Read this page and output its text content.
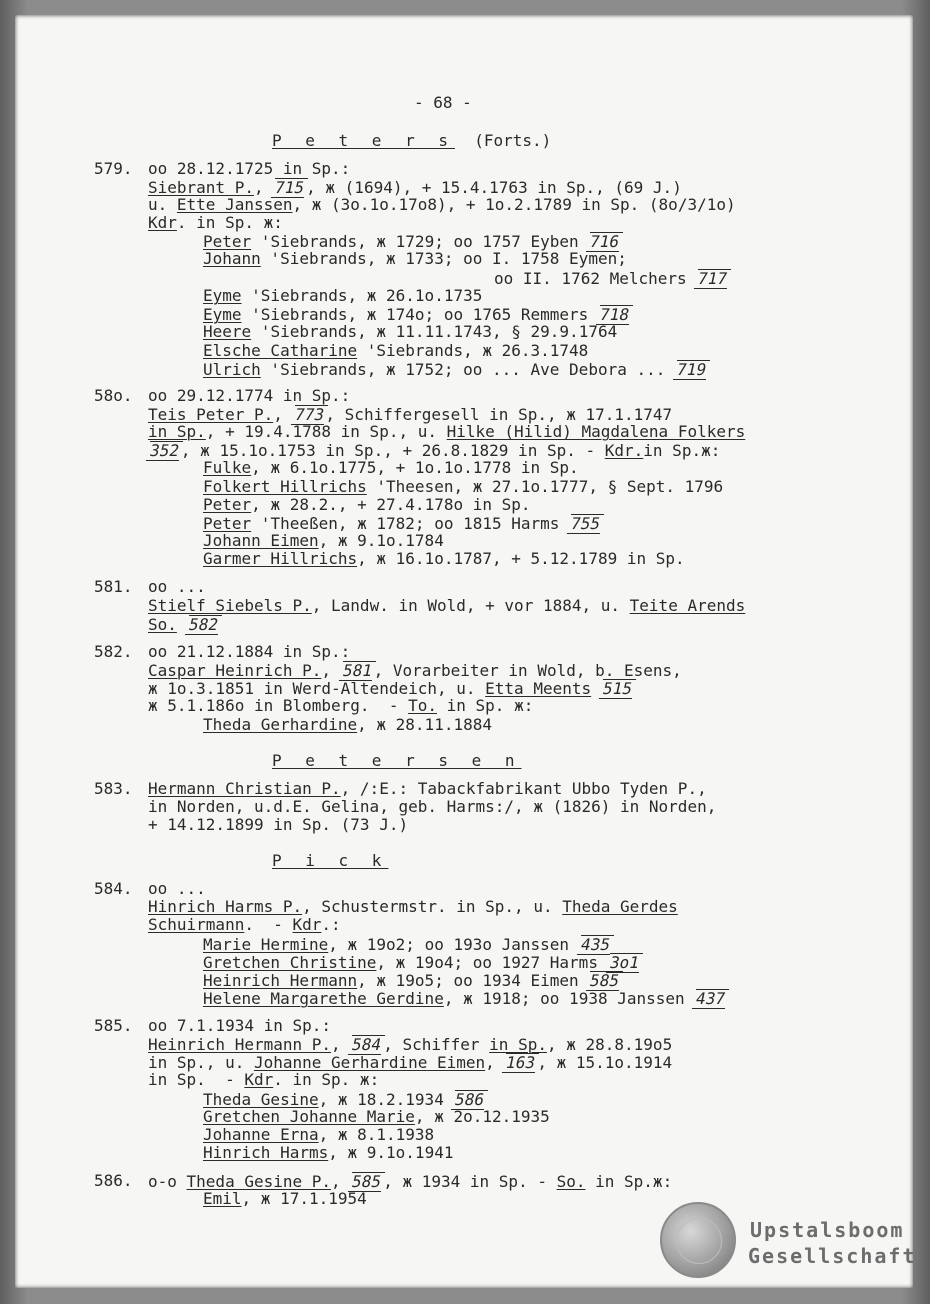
- 68 -
P e t e r s (Forts.)
579. oo 28.12.1725 in Sp.:
Siebrant P., 715, ж (1694), + 15.4.1763 in Sp., (69 J.)
u. Ette Janssen, ж (3o.1o.17o8), + 1o.2.1789 in Sp. (8o/3/1o)
Kdr. in Sp. ж:
Peter 'Siebrands, ж 1729; oo 1757 Eyben 716
Johann 'Siebrands, ж 1733; oo I. 1758 Eymen;
oo II. 1762 Melchers 717
Eyme 'Siebrands, ж 26.1o.1735
Eyme 'Siebrands, ж 174o; oo 1765 Remmers 718
Heere 'Siebrands, ж 11.11.1743, § 29.9.1764
Elsche Catharine 'Siebrands, ж 26.3.1748
Ulrich 'Siebrands, ж 1752; oo ... Ave Debora ... 719
58o. oo 29.12.1774 in Sp.:
Teis Peter P., 773, Schiffergesell in Sp., ж 17.1.1747
in Sp., + 19.4.1788 in Sp., u. Hilke (Hilid) Magdalena Folkers
352, ж 15.1o.1753 in Sp., + 26.8.1829 in Sp. - Kdr.in Sp.ж:
Fulke, ж 6.1o.1775, + 1o.1o.1778 in Sp.
Folkert Hillrichs 'Theesen, ж 27.1o.1777, § Sept. 1796
Peter, ж 28.2., + 27.4.178o in Sp.
Peter 'Theeßen, ж 1782; oo 1815 Harms 755
Johann Eimen, ж 9.1o.1784
Garmer Hillrichs, ж 16.1o.1787, + 5.12.1789 in Sp.
581. oo ...
Stielf Siebels P., Landw. in Wold, + vor 1884, u. Teite Arends
So. 582
582. oo 21.12.1884 in Sp.:
Caspar Heinrich P., 581, Vorarbeiter in Wold, b. Esens,
ж 1o.3.1851 in Werd-Altendeich, u. Etta Meents 515
ж 5.1.186o in Blomberg.  - To. in Sp. ж:
Theda Gerhardine, ж 28.11.1884
P e t e r s e n
583. Hermann Christian P., /:E.: Tabackfabrikant Ubbo Tyden P.,
in Norden, u.d.E. Gelina, geb. Harms:/, ж (1826) in Norden,
+ 14.12.1899 in Sp. (73 J.)
P i c k
584. oo ...
Hinrich Harms P., Schustermstr. in Sp., u. Theda Gerdes
Schuirmann.  - Kdr.:
Marie Hermine, ж 19o2; oo 193o Janssen 435
Gretchen Christine, ж 19o4; oo 1927 Harms 3o1
Heinrich Hermann, ж 19o5; oo 1934 Eimen 585
Helene Margarethe Gerdine, ж 1918; oo 1938 Janssen 437
585. oo 7.1.1934 in Sp.:
Heinrich Hermann P., 584, Schiffer in Sp., ж 28.8.19o5
in Sp., u. Johanne Gerhardine Eimen, 163, ж 15.1o.1914
in Sp.  - Kdr. in Sp. ж:
Theda Gesine, ж 18.2.1934 586
Gretchen Johanne Marie, ж 2o.12.1935
Johanne Erna, ж 8.1.1938
Hinrich Harms, ж 9.1o.1941
586. o-o Theda Gesine P., 585, ж 1934 in Sp. - So. in Sp.ж:
Emil, ж 17.1.1954
Upstalsboom
Gesellschaft
